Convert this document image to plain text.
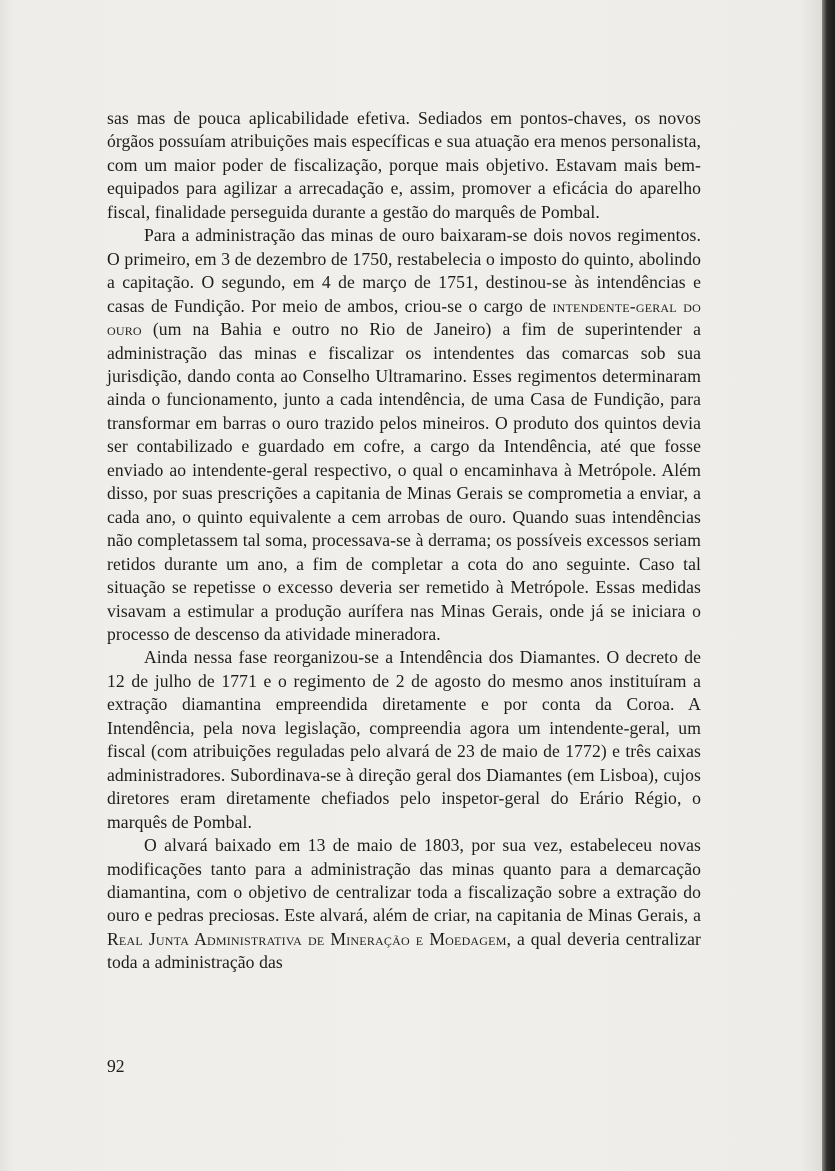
sas mas de pouca aplicabilidade efetiva. Sediados em pontos-chaves, os novos órgãos possuíam atribuições mais específicas e sua atuação era menos personalista, com um maior poder de fiscalização, porque mais objetivo. Estavam mais bem-equipados para agilizar a arrecadação e, assim, promover a eficácia do aparelho fiscal, finalidade perseguida durante a gestão do marquês de Pombal.

Para a administração das minas de ouro baixaram-se dois novos regimentos. O primeiro, em 3 de dezembro de 1750, restabelecia o imposto do quinto, abolindo a capitação. O segundo, em 4 de março de 1751, destinou-se às intendências e casas de Fundição. Por meio de ambos, criou-se o cargo de intendente-geral do ouro (um na Bahia e outro no Rio de Janeiro) a fim de superintender a administração das minas e fiscalizar os intendentes das comarcas sob sua jurisdição, dando conta ao Conselho Ultramarino. Esses regimentos determinaram ainda o funcionamento, junto a cada intendência, de uma Casa de Fundição, para transformar em barras o ouro trazido pelos mineiros. O produto dos quintos devia ser contabilizado e guardado em cofre, a cargo da Intendência, até que fosse enviado ao intendente-geral respectivo, o qual o encaminhava à Metrópole. Além disso, por suas prescrições a capitania de Minas Gerais se comprometia a enviar, a cada ano, o quinto equivalente a cem arrobas de ouro. Quando suas intendências não completassem tal soma, processava-se à derrama; os possíveis excessos seriam retidos durante um ano, a fim de completar a cota do ano seguinte. Caso tal situação se repetisse o excesso deveria ser remetido à Metrópole. Essas medidas visavam a estimular a produção aurífera nas Minas Gerais, onde já se iniciara o processo de descenso da atividade mineradora.

Ainda nessa fase reorganizou-se a Intendência dos Diamantes. O decreto de 12 de julho de 1771 e o regimento de 2 de agosto do mesmo anos instituíram a extração diamantina empreendida diretamente e por conta da Coroa. A Intendência, pela nova legislação, compreendia agora um intendente-geral, um fiscal (com atribuições reguladas pelo alvará de 23 de maio de 1772) e três caixas administradores. Subordinava-se à direção geral dos Diamantes (em Lisboa), cujos diretores eram diretamente chefiados pelo inspetor-geral do Erário Régio, o marquês de Pombal.

O alvará baixado em 13 de maio de 1803, por sua vez, estabeleceu novas modificações tanto para a administração das minas quanto para a demarcação diamantina, com o objetivo de centralizar toda a fiscalização sobre a extração do ouro e pedras preciosas. Este alvará, além de criar, na capitania de Minas Gerais, a Real Junta Administrativa de Mineração e Moedagem, a qual deveria centralizar toda a administração das

92
